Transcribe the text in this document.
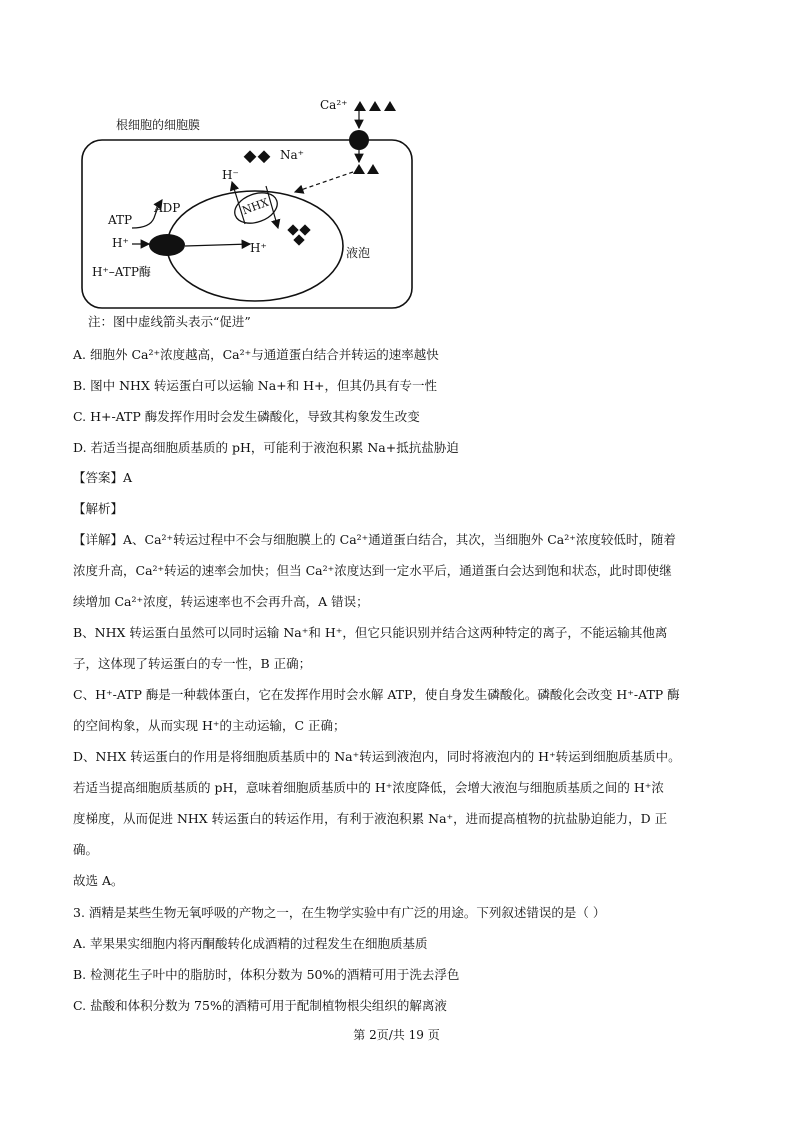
根细胞的细胞膜
Ca²⁺
Na⁺
H⁻
NHX
ADP
ATP
H⁺	H⁺	液泡
H⁺–ATP酶
注：图中虚线箭头表示“促进”
A. 细胞外 Ca²⁺浓度越高，Ca²⁺与通道蛋白结合并转运的速率越快
B. 图中 NHX 转运蛋白可以运输 Na+和 H+，但其仍具有专一性
C. H+-ATP 酶发挥作用时会发生磷酸化，导致其构象发生改变
D. 若适当提高细胞质基质的 pH，可能利于液泡积累 Na+抵抗盐胁迫
【答案】A
【解析】
【详解】A、Ca²⁺转运过程中不会与细胞膜上的 Ca²⁺通道蛋白结合，其次，当细胞外 Ca²⁺浓度较低时，随着
浓度升高，Ca²⁺转运的速率会加快；但当 Ca²⁺浓度达到一定水平后，通道蛋白会达到饱和状态，此时即使继
续增加 Ca²⁺浓度，转运速率也不会再升高，A 错误；
B、NHX 转运蛋白虽然可以同时运输 Na⁺和 H⁺，但它只能识别并结合这两种特定的离子，不能运输其他离
子，这体现了转运蛋白的专一性，B 正确；
C、H⁺-ATP 酶是一种载体蛋白，它在发挥作用时会水解 ATP，使自身发生磷酸化。磷酸化会改变 H⁺-ATP 酶
的空间构象，从而实现 H⁺的主动运输，C 正确；
D、NHX 转运蛋白的作用是将细胞质基质中的 Na⁺转运到液泡内，同时将液泡内的 H⁺转运到细胞质基质中。
若适当提高细胞质基质的 pH，意味着细胞质基质中的 H⁺浓度降低，会增大液泡与细胞质基质之间的 H⁺浓
度梯度，从而促进 NHX 转运蛋白的转运作用，有利于液泡积累 Na⁺，进而提高植物的抗盐胁迫能力，D 正
确。
故选 A。
3. 酒精是某些生物无氧呼吸的产物之一，在生物学实验中有广泛的用途。下列叙述错误的是（ ）
A. 苹果果实细胞内将丙酮酸转化成酒精的过程发生在细胞质基质
B. 检测花生子叶中的脂肪时，体积分数为 50%的酒精可用于洗去浮色
C. 盐酸和体积分数为 75%的酒精可用于配制植物根尖组织的解离液
第 2页/共 19 页
